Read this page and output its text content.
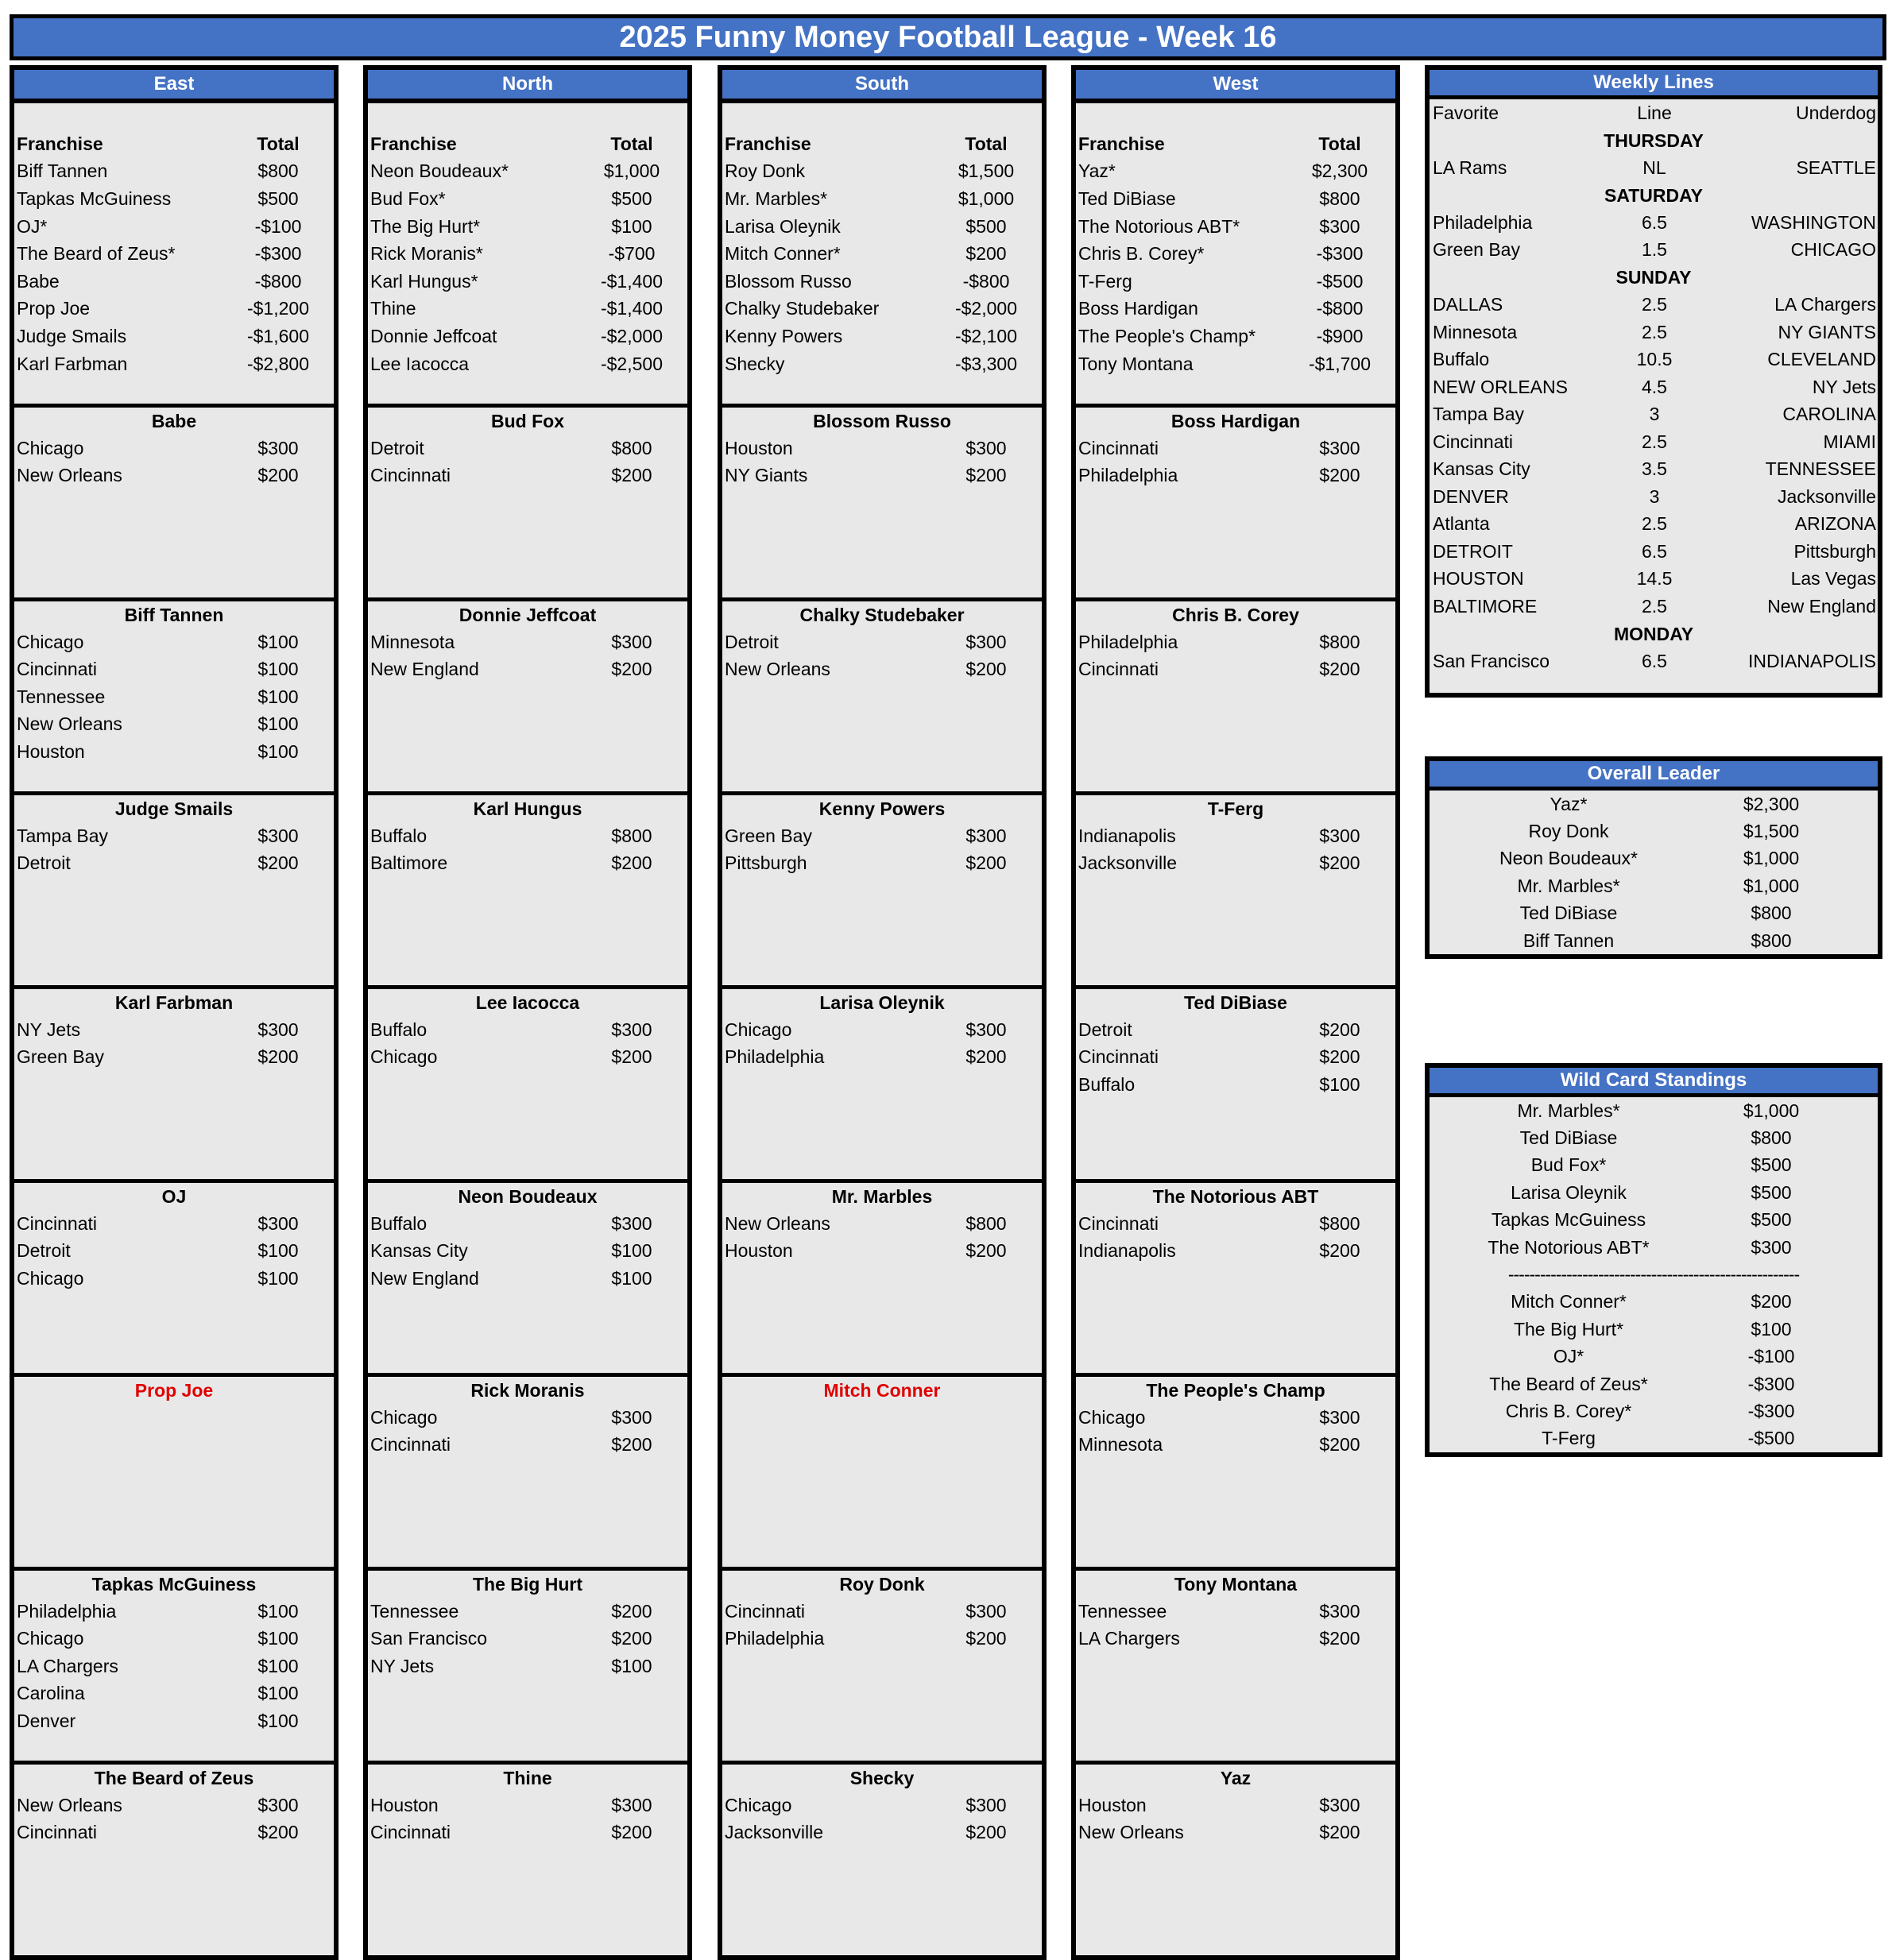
2025 Funny Money Football League - Week 16
East
Franchise	Total
Biff Tannen	$800
Tapkas McGuiness	$500
OJ*	-$100
The Beard of Zeus*	-$300
Babe	-$800
Prop Joe	-$1,200
Judge Smails	-$1,600
Karl Farbman	-$2,800
Babe
Chicago	$300
New Orleans	$200
Biff Tannen
Chicago	$100
Cincinnati	$100
Tennessee	$100
New Orleans	$100
Houston	$100
Judge Smails
Tampa Bay	$300
Detroit	$200
Karl Farbman
NY Jets	$300
Green Bay	$200
OJ
Cincinnati	$300
Detroit	$100
Chicago	$100
Prop Joe
Tapkas McGuiness
Philadelphia	$100
Chicago	$100
LA Chargers	$100
Carolina	$100
Denver	$100
The Beard of Zeus
New Orleans	$300
Cincinnati	$200
North
Franchise	Total
Neon Boudeaux*	$1,000
Bud Fox*	$500
The Big Hurt*	$100
Rick Moranis*	-$700
Karl Hungus*	-$1,400
Thine	-$1,400
Donnie Jeffcoat	-$2,000
Lee Iacocca	-$2,500
Bud Fox
Detroit	$800
Cincinnati	$200
Donnie Jeffcoat
Minnesota	$300
New England	$200
Karl Hungus
Buffalo	$800
Baltimore	$200
Lee Iacocca
Buffalo	$300
Chicago	$200
Neon Boudeaux
Buffalo	$300
Kansas City	$100
New England	$100
Rick Moranis
Chicago	$300
Cincinnati	$200
The Big Hurt
Tennessee	$200
San Francisco	$200
NY Jets	$100
Thine
Houston	$300
Cincinnati	$200
South
Franchise	Total
Roy Donk	$1,500
Mr. Marbles*	$1,000
Larisa Oleynik	$500
Mitch Conner*	$200
Blossom Russo	-$800
Chalky Studebaker	-$2,000
Kenny Powers	-$2,100
Shecky	-$3,300
Blossom Russo
Houston	$300
NY Giants	$200
Chalky Studebaker
Detroit	$300
New Orleans	$200
Kenny Powers
Green Bay	$300
Pittsburgh	$200
Larisa Oleynik
Chicago	$300
Philadelphia	$200
Mr. Marbles
New Orleans	$800
Houston	$200
Mitch Conner
Roy Donk
Cincinnati	$300
Philadelphia	$200
Shecky
Chicago	$300
Jacksonville	$200
West
Franchise	Total
Yaz*	$2,300
Ted DiBiase	$800
The Notorious ABT*	$300
Chris B. Corey*	-$300
T-Ferg	-$500
Boss Hardigan	-$800
The People's Champ*	-$900
Tony Montana	-$1,700
Boss Hardigan
Cincinnati	$300
Philadelphia	$200
Chris B. Corey
Philadelphia	$800
Cincinnati	$200
T-Ferg
Indianapolis	$300
Jacksonville	$200
Ted DiBiase
Detroit	$200
Cincinnati	$200
Buffalo	$100
The Notorious ABT
Cincinnati	$800
Indianapolis	$200
The People's Champ
Chicago	$300
Minnesota	$200
Tony Montana
Tennessee	$300
LA Chargers	$200
Yaz
Houston	$300
New Orleans	$200
Weekly Lines
Favorite	Line	Underdog
THURSDAY
LA Rams	NL	SEATTLE
SATURDAY
Philadelphia	6.5	WASHINGTON
Green Bay	1.5	CHICAGO
SUNDAY
DALLAS	2.5	LA Chargers
Minnesota	2.5	NY GIANTS
Buffalo	10.5	CLEVELAND
NEW ORLEANS	4.5	NY Jets
Tampa Bay	3	CAROLINA
Cincinnati	2.5	MIAMI
Kansas City	3.5	TENNESSEE
DENVER	3	Jacksonville
Atlanta	2.5	ARIZONA
DETROIT	6.5	Pittsburgh
HOUSTON	14.5	Las Vegas
BALTIMORE	2.5	New England
MONDAY
San Francisco	6.5	INDIANAPOLIS
Overall Leader
Yaz*	$2,300
Roy Donk	$1,500
Neon Boudeaux*	$1,000
Mr. Marbles*	$1,000
Ted DiBiase	$800
Biff Tannen	$800
Wild Card Standings
Mr. Marbles*	$1,000
Ted DiBiase	$800
Bud Fox*	$500
Larisa Oleynik	$500
Tapkas McGuiness	$500
The Notorious ABT*	$300
-------------------------------------------------------
Mitch Conner*	$200
The Big Hurt*	$100
OJ*	-$100
The Beard of Zeus*	-$300
Chris B. Corey*	-$300
T-Ferg	-$500
